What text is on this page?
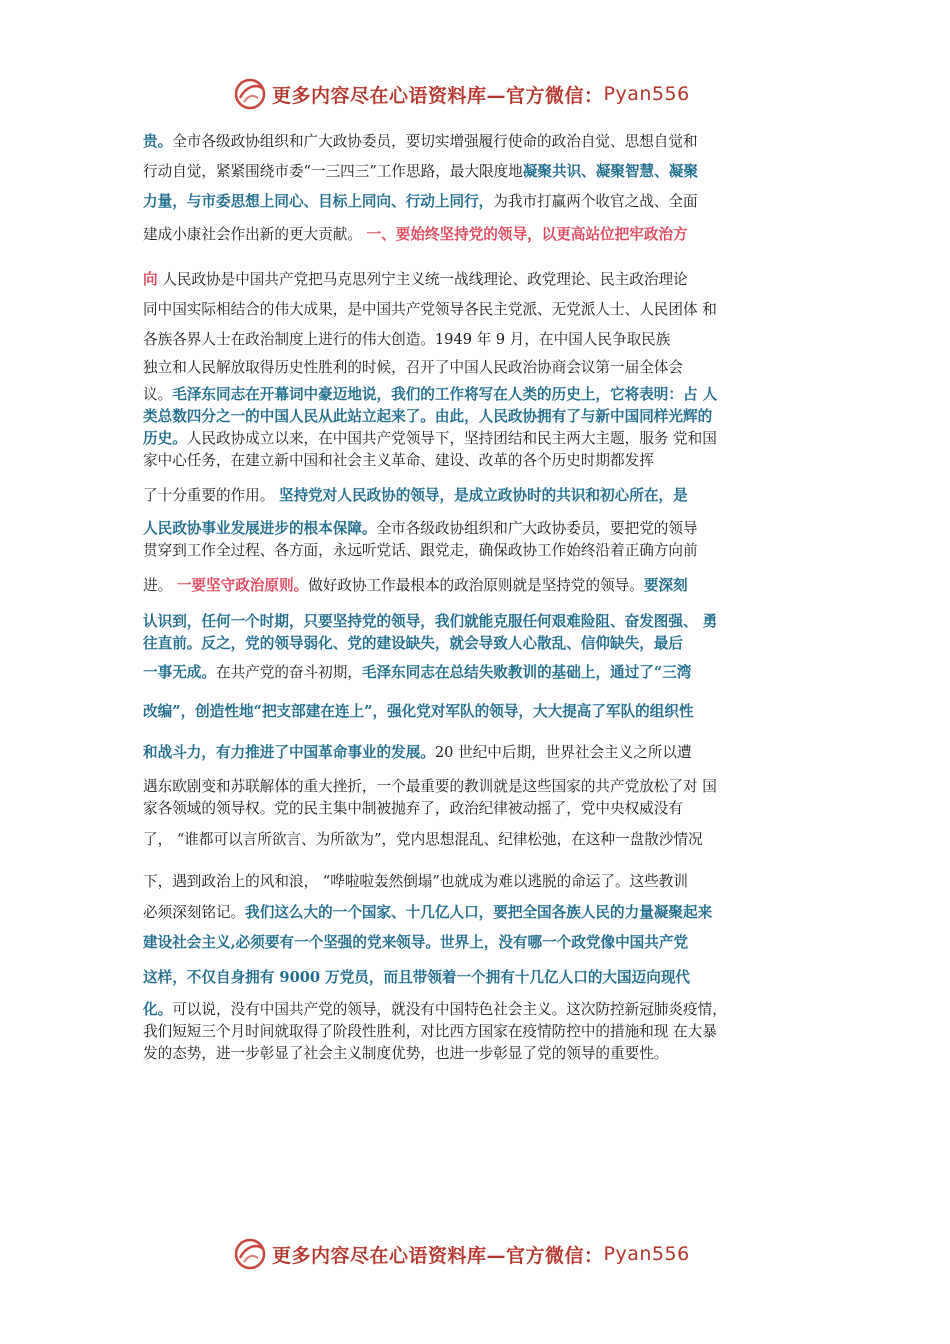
更多内容尽在心语资料库—官方微信： Pyan556
贵。全市各级政协组织和广大政协委员，要切实增强履行使命的政治自觉、思想自觉和
行动自觉，紧紧围绕市委“一三四三”工作思路，最大限度地凝聚共识、凝聚智慧、凝聚
力量，与市委思想上同心、目标上同向、行动上同行，为我市打赢两个收官之战、全面
建成小康社会作出新的更大贡献。 一、要始终坚持党的领导，以更高站位把牢政治方
向 人民政协是中国共产党把马克思列宁主义统一战线理论、政党理论、民主政治理论
同中国实际相结合的伟大成果，是中国共产党领导各民主党派、无党派人士、人民团体 和
各族各界人士在政治制度上进行的伟大创造。1949 年 9 月，在中国人民争取民族
独立和人民解放取得历史性胜利的时候，召开了中国人民政治协商会议第一届全体会
议。毛泽东同志在开幕词中豪迈地说，我们的工作将写在人类的历史上，它将表明：占 人
类总数四分之一的中国人民从此站立起来了。由此，人民政协拥有了与新中国同样光辉的
历史。人民政协成立以来，在中国共产党领导下，坚持团结和民主两大主题，服务 党和国
家中心任务，在建立新中国和社会主义革命、建设、改革的各个历史时期都发挥
了十分重要的作用。 坚持党对人民政协的领导，是成立政协时的共识和初心所在，是
人民政协事业发展进步的根本保障。全市各级政协组织和广大政协委员，要把党的领导
贯穿到工作全过程、各方面，永远听党话、跟党走，确保政协工作始终沿着正确方向前
进。 一要坚守政治原则。做好政协工作最根本的政治原则就是坚持党的领导。要深刻
认识到，任何一个时期，只要坚持党的领导，我们就能克服任何艰难险阻、奋发图强、 勇
往直前。反之，党的领导弱化、党的建设缺失，就会导致人心散乱、信仰缺失，最后
一事无成。在共产党的奋斗初期，毛泽东同志在总结失败教训的基础上，通过了“三湾
改编”，创造性地“把支部建在连上”，强化党对军队的领导，大大提高了军队的组织性
和战斗力，有力推进了中国革命事业的发展。20 世纪中后期，世界社会主义之所以遭
遇东欧剧变和苏联解体的重大挫折，一个最重要的教训就是这些国家的共产党放松了对 国
家各领域的领导权。党的民主集中制被抛弃了，政治纪律被动摇了，党中央权威没有
了， “谁都可以言所欲言、为所欲为”，党内思想混乱、纪律松弛，在这种一盘散沙情况
下，遇到政治上的风和浪， “哗啦啦轰然倒塌”也就成为难以逃脱的命运了。这些教训
必须深刻铭记。我们这么大的一个国家、十几亿人口，要把全国各族人民的力量凝聚起来
建设社会主义,必须要有一个坚强的党来领导。世界上，没有哪一个政党像中国共产党
这样，不仅自身拥有 9000 万党员，而且带领着一个拥有十几亿人口的大国迈向现代
化。可以说，没有中国共产党的领导，就没有中国特色社会主义。这次防控新冠肺炎疫情，
我们短短三个月时间就取得了阶段性胜利，对比西方国家在疫情防控中的措施和现 在大暴
发的态势，进一步彰显了社会主义制度优势，也进一步彰显了党的领导的重要性。
更多内容尽在心语资料库—官方微信： Pyan556
